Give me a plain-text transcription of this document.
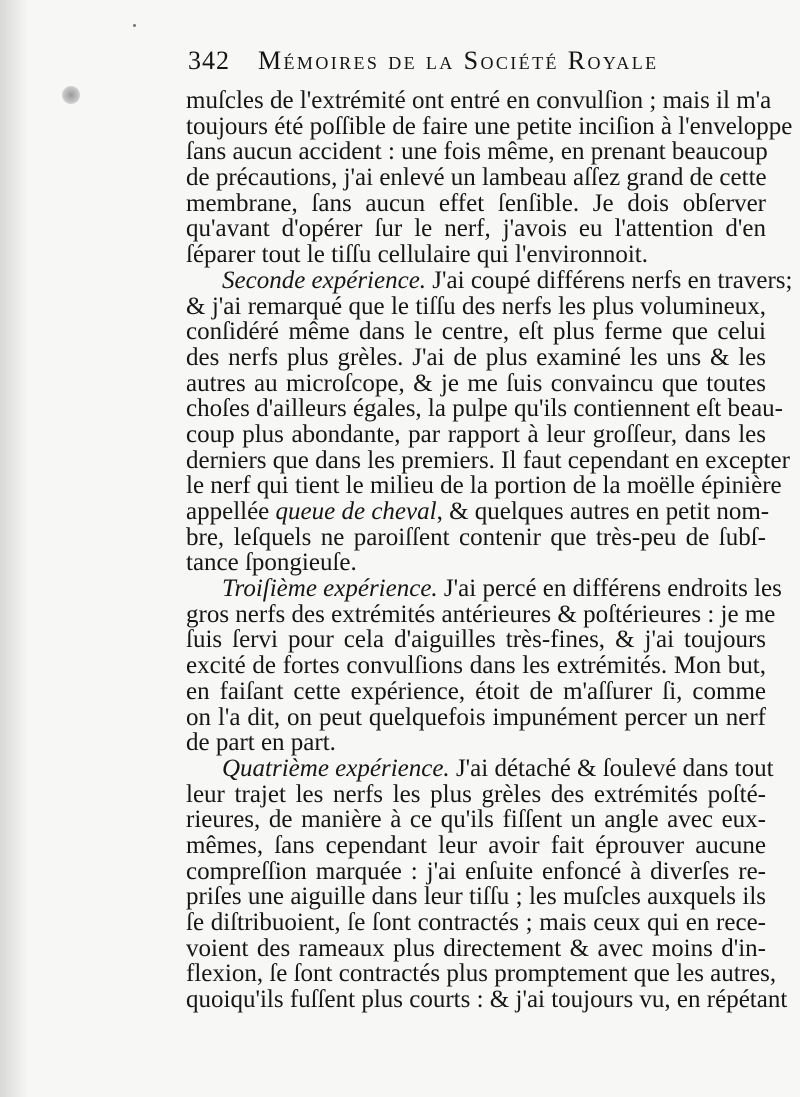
342 Mémoires de la Société Royale
muſcles de l'extrémité ont entré en convulſion ; mais il m'a
toujours été poſſible de faire une petite inciſion à l'enveloppe
ſans aucun accident : une fois même, en prenant beaucoup
de précautions, j'ai enlevé un lambeau aſſez grand de cette
membrane, ſans aucun effet ſenſible. Je dois obſerver
qu'avant d'opérer ſur le nerf, j'avois eu l'attention d'en
ſéparer tout le tiſſu cellulaire qui l'environnoit.
Seconde expérience. J'ai coupé différens nerfs en travers;
& j'ai remarqué que le tiſſu des nerfs les plus volumineux,
conſidéré même dans le centre, eſt plus ferme que celui
des nerfs plus grèles. J'ai de plus examiné les uns & les
autres au microſcope, & je me ſuis convaincu que toutes
choſes d'ailleurs égales, la pulpe qu'ils contiennent eſt beau-
coup plus abondante, par rapport à leur groſſeur, dans les
derniers que dans les premiers. Il faut cependant en excepter
le nerf qui tient le milieu de la portion de la moëlle épinière
appellée queue de cheval, & quelques autres en petit nom-
bre, leſquels ne paroiſſent contenir que très-peu de ſubſ-
tance ſpongieuſe.
Troiſième expérience. J'ai percé en différens endroits les
gros nerfs des extrémités antérieures & poſtérieures : je me
ſuis ſervi pour cela d'aiguilles très-fines, & j'ai toujours
excité de fortes convulſions dans les extrémités. Mon but,
en faiſant cette expérience, étoit de m'aſſurer ſi, comme
on l'a dit, on peut quelquefois impunément percer un nerf
de part en part.
Quatrième expérience. J'ai détaché & ſoulevé dans tout
leur trajet les nerfs les plus grèles des extrémités poſté-
rieures, de manière à ce qu'ils fiſſent un angle avec eux-
mêmes, ſans cependant leur avoir fait éprouver aucune
compreſſion marquée : j'ai enſuite enfoncé à diverſes re-
priſes une aiguille dans leur tiſſu ; les muſcles auxquels ils
ſe diſtribuoient, ſe ſont contractés ; mais ceux qui en rece-
voient des rameaux plus directement & avec moins d'in-
flexion, ſe ſont contractés plus promptement que les autres,
quoiqu'ils fuſſent plus courts : & j'ai toujours vu, en répétant
